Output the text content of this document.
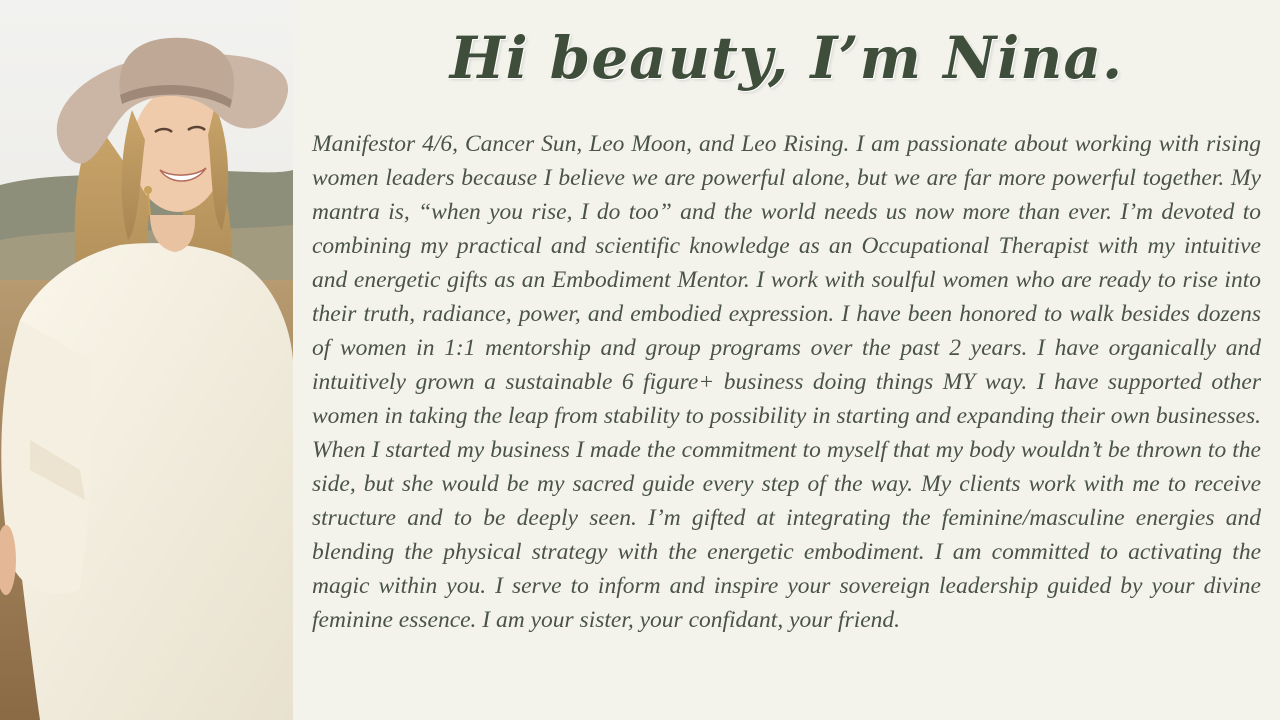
Hi beauty, I’m Nina.

Manifestor 4/6, Cancer Sun, Leo Moon, and Leo Rising. I am passionate about working with rising women leaders because I believe we are powerful alone, but we are far more powerful together. My mantra is, “when you rise, I do too” and the world needs us now more than ever. I’m devoted to combining my practical and scientific knowledge as an Occupational Therapist with my intuitive and energetic gifts as an Embodiment Mentor. I work with soulful women who are ready to rise into their truth, radiance, power, and embodied expression. I have been honored to walk besides dozens of women in 1:1 mentorship and group programs over the past 2 years. I have organically and intuitively grown a sustainable 6 figure+ business doing things MY way. I have supported other women in taking the leap from stability to possibility in starting and expanding their own businesses. When I started my business I made the commitment to myself that my body wouldn’t be thrown to the side, but she would be my sacred guide every step of the way. My clients work with me to receive structure and to be deeply seen. I’m gifted at integrating the feminine/masculine energies and blending the physical strategy with the energetic embodiment. I am committed to activating the magic within you. I serve to inform and inspire your sovereign leadership guided by your divine feminine essence. I am your sister, your confidant, your friend.
